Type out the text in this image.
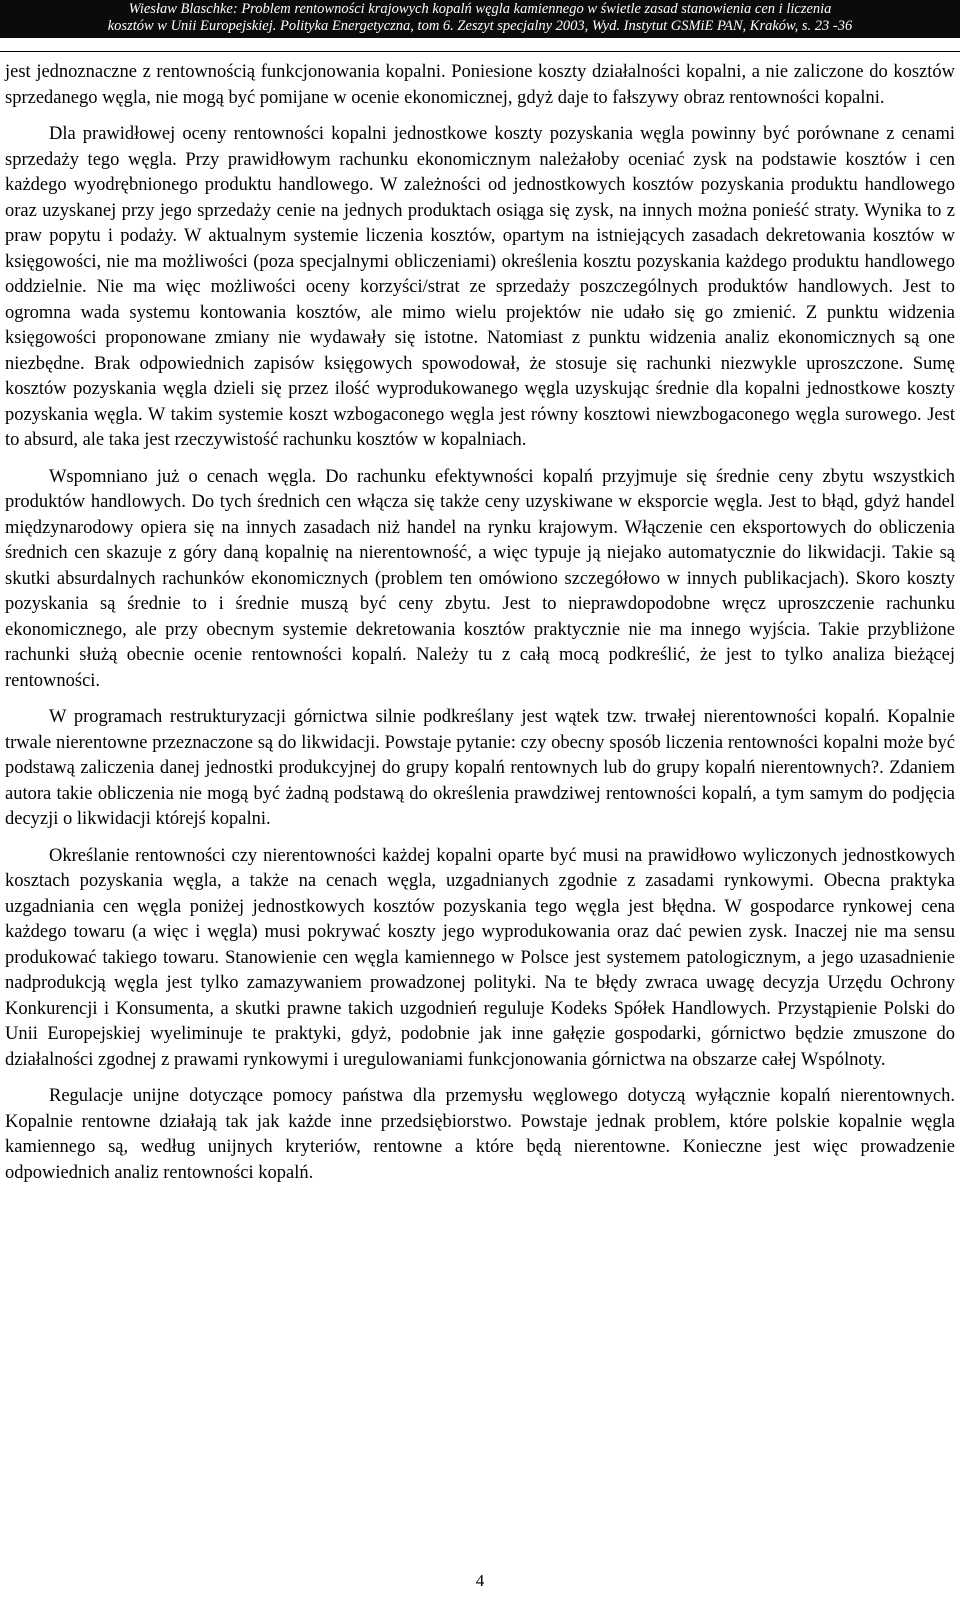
Wiesław Blaschke: Problem rentowności krajowych kopalń węgla kamiennego w świetle zasad stanowienia cen i liczenia
kosztów w Unii Europejskiej. Polityka Energetyczna, tom 6. Zeszyt specjalny 2003, Wyd. Instytut GSMiE PAN, Kraków, s. 23 -36

jest jednoznaczne z rentownością funkcjonowania kopalni. Poniesione koszty działalności kopalni, a nie zaliczone do kosztów sprzedanego węgla, nie mogą być pomijane w ocenie ekonomicznej, gdyż daje to fałszywy obraz rentowności kopalni.

Dla prawidłowej oceny rentowności kopalni jednostkowe koszty pozyskania węgla powinny być porównane z cenami sprzedaży tego węgla. Przy prawidłowym rachunku ekonomicznym należałoby oceniać zysk na podstawie kosztów i cen każdego wyodrębnionego produktu handlowego. W zależności od jednostkowych kosztów pozyskania produktu handlowego oraz uzyskanej przy jego sprzedaży cenie na jednych produktach osiąga się zysk, na innych można ponieść straty. Wynika to z praw popytu i podaży. W aktualnym systemie liczenia kosztów, opartym na istniejących zasadach dekretowania kosztów w księgowości, nie ma możliwości (poza specjalnymi obliczeniami) określenia kosztu pozyskania każdego produktu handlowego oddzielnie. Nie ma więc możliwości oceny korzyści/strat ze sprzedaży poszczególnych produktów handlowych. Jest to ogromna wada systemu kontowania kosztów, ale mimo wielu projektów nie udało się go zmienić. Z punktu widzenia księgowości proponowane zmiany nie wydawały się istotne. Natomiast z punktu widzenia analiz ekonomicznych są one niezbędne. Brak odpowiednich zapisów księgowych spowodował, że stosuje się rachunki niezwykle uproszczone. Sumę kosztów pozyskania węgla dzieli się przez ilość wyprodukowanego węgla uzyskując średnie dla kopalni jednostkowe koszty pozyskania węgla. W takim systemie koszt wzbogaconego węgla jest równy kosztowi niewzbogaconego węgla surowego. Jest to absurd, ale taka jest rzeczywistość rachunku kosztów w kopalniach.

Wspomniano już o cenach węgla. Do rachunku efektywności kopalń przyjmuje się średnie ceny zbytu wszystkich produktów handlowych. Do tych średnich cen włącza się także ceny uzyskiwane w eksporcie węgla. Jest to błąd, gdyż handel międzynarodowy opiera się na innych zasadach niż handel na rynku krajowym. Włączenie cen eksportowych do obliczenia średnich cen skazuje z góry daną kopalnię na nierentowność, a więc typuje ją niejako automatycznie do likwidacji. Takie są skutki absurdalnych rachunków ekonomicznych (problem ten omówiono szczegółowo w innych publikacjach). Skoro koszty pozyskania są średnie to i średnie muszą być ceny zbytu. Jest to nieprawdopodobne wręcz uproszczenie rachunku ekonomicznego, ale przy obecnym systemie dekretowania kosztów praktycznie nie ma innego wyjścia. Takie przybliżone rachunki służą obecnie ocenie rentowności kopalń. Należy tu z całą mocą podkreślić, że jest to tylko analiza bieżącej rentowności.

W programach restrukturyzacji górnictwa silnie podkreślany jest wątek tzw. trwałej nierentowności kopalń. Kopalnie trwale nierentowne przeznaczone są do likwidacji. Powstaje pytanie: czy obecny sposób liczenia rentowności kopalni może być podstawą zaliczenia danej jednostki produkcyjnej do grupy kopalń rentownych lub do grupy kopalń nierentownych?. Zdaniem autora takie obliczenia nie mogą być żadną podstawą do określenia prawdziwej rentowności kopalń, a tym samym do podjęcia decyzji o likwidacji którejś kopalni.

Określanie rentowności czy nierentowności każdej kopalni oparte być musi na prawidłowo wyliczonych jednostkowych kosztach pozyskania węgla, a także na cenach węgla, uzgadnianych zgodnie z zasadami rynkowymi. Obecna praktyka uzgadniania cen węgla poniżej jednostkowych kosztów pozyskania tego węgla jest błędna. W gospodarce rynkowej cena każdego towaru (a więc i węgla) musi pokrywać koszty jego wyprodukowania oraz dać pewien zysk. Inaczej nie ma sensu produkować takiego towaru. Stanowienie cen węgla kamiennego w Polsce jest systemem patologicznym, a jego uzasadnienie nadprodukcją węgla jest tylko zamazywaniem prowadzonej polityki. Na te błędy zwraca uwagę decyzja Urzędu Ochrony Konkurencji i Konsumenta, a skutki prawne takich uzgodnień reguluje Kodeks Spółek Handlowych. Przystąpienie Polski do Unii Europejskiej wyeliminuje te praktyki, gdyż, podobnie jak inne gałęzie gospodarki, górnictwo będzie zmuszone do działalności zgodnej z prawami rynkowymi i uregulowaniami funkcjonowania górnictwa na obszarze całej Wspólnoty.

Regulacje unijne dotyczące pomocy państwa dla przemysłu węglowego dotyczą wyłącznie kopalń nierentownych. Kopalnie rentowne działają tak jak każde inne przedsiębiorstwo. Powstaje jednak problem, które polskie kopalnie węgla kamiennego są, według unijnych kryteriów, rentowne a które będą nierentowne. Konieczne jest więc prowadzenie odpowiednich analiz rentowności kopalń.

4
